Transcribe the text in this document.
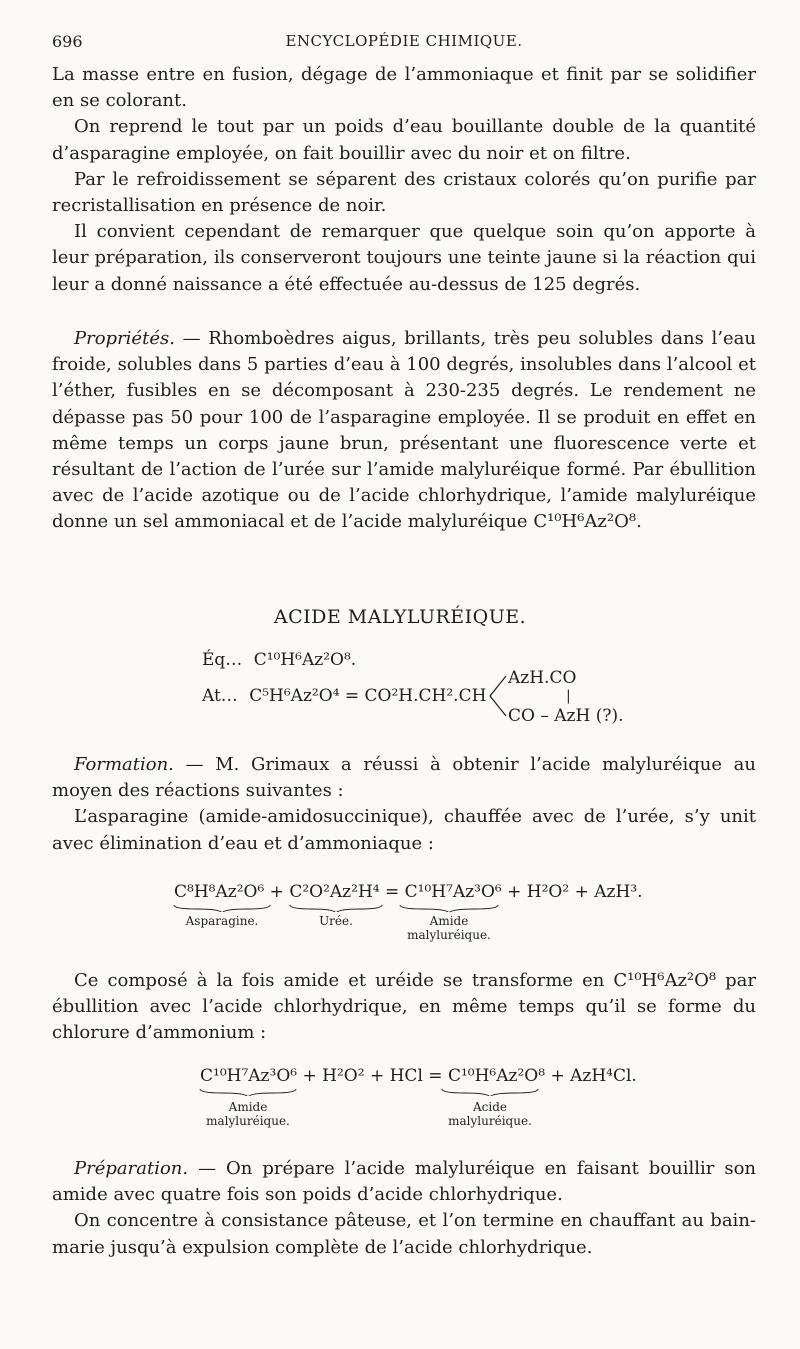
696	ENCYCLOPÉDIE CHIMIQUE.

La masse entre en fusion, dégage de l’ammoniaque et finit par se solidifier en se colorant.

On reprend le tout par un poids d’eau bouillante double de la quantité d’asparagine employée, on fait bouillir avec du noir et on filtre.

Par le refroidissement se séparent des cristaux colorés qu’on purifie par recristallisation en présence de noir.

Il convient cependant de remarquer que quelque soin qu’on apporte à leur préparation, ils conserveront toujours une teinte jaune si la réaction qui leur a donné naissance a été effectuée au-dessus de 125 degrés.

Propriétés. — Rhomboèdres aigus, brillants, très peu solubles dans l’eau froide, solubles dans 5 parties d’eau à 100 degrés, insolubles dans l’alcool et l’éther, fusibles en se décomposant à 230-235 degrés. Le rendement ne dépasse pas 50 pour 100 de l’asparagine employée. Il se produit en effet en même temps un corps jaune brun, présentant une fluorescence verte et résultant de l’action de l’urée sur l’amide malyluréique formé. Par ébullition avec de l’acide azotique ou de l’acide chlorhydrique, l’amide malyluréique donne un sel ammoniacal et de l’acide malyluréique C¹⁰H⁶Az²O⁸.

ACIDE MALYLURÉIQUE.
Éq… C¹⁰H⁶Az²O⁸.
At… C⁵H⁶Az²O⁴ = CO²H.CH².CH
AzH.CO
|
CO – AzH (?).

Formation. — M. Grimaux a réussi à obtenir l’acide malyluréique au moyen des réactions suivantes :

L’asparagine (amide-amidosuccinique), chauffée avec de l’urée, s’y unit avec élimination d’eau et d’ammoniaque :

C⁸H⁸Az²O⁶ + C²O²Az²H⁴ = C¹⁰H⁷Az³O⁶ + H²O² + AzH³.
Asparagine.	Urée.	Amide
malyluréique.

Ce composé à la fois amide et uréide se transforme en C¹⁰H⁶Az²O⁸ par ébullition avec l’acide chlorhydrique, en même temps qu’il se forme du chlorure d’ammonium :

C¹⁰H⁷Az³O⁶ + H²O² + HCl = C¹⁰H⁶Az²O⁸ + AzH⁴Cl.
Amide
malyluréique.
Acide
malyluréique.

Préparation. — On prépare l’acide malyluréique en faisant bouillir son amide avec quatre fois son poids d’acide chlorhydrique.

On concentre à consistance pâteuse, et l’on termine en chauffant au bain-marie jusqu’à expulsion complète de l’acide chlorhydrique.
